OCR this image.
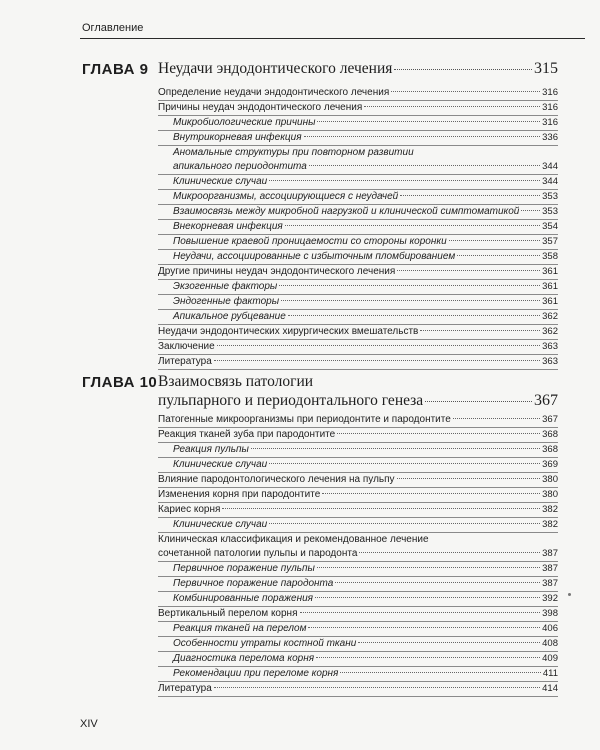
Оглавление
ГЛАВА 9 Неудачи эндодонтического лечения	315
Определение неудачи эндодонтического лечения	316
Причины неудач эндодонтического лечения	316
Микробиологические причины	316
Внутрикорневая инфекция	336
Аномальные структуры при повторном развитии
апикального периодонтита	344
Клинические случаи	344
Микроорганизмы, ассоциирующиеся с неудачей	353
Взаимосвязь между микробной нагрузкой и клинической симптоматикой 353
Внекорневая инфекция	354
Повышение краевой проницаемости со стороны коронки	357
Неудачи, ассоциированные с избыточным пломбированием	358
Другие причины неудач эндодонтического лечения	361
Экзогенные факторы	361
Эндогенные факторы	361
Апикальное рубцевание	362
Неудачи эндодонтических хирургических вмешательств	362
Заключение	363
Литература	363
ГЛАВА 10 Взаимосвязь патологии
пульпарного и периодонтального генеза	367
Патогенные микроорганизмы при периодонтите и пародонтите	367
Реакция тканей зуба при пародонтите	368
Реакция пульпы	368
Клинические случаи	369
Влияние пародонтологического лечения на пульпу	380
Изменения корня при пародонтите	380
Кариес корня	382
Клинические случаи	382
Клиническая классификация и рекомендованное лечение
сочетанной патологии пульпы и пародонта	387
Первичное поражение пульпы	387
Первичное поражение пародонта	387
Комбинированные поражения	392
Вертикальный перелом корня	398
Реакция тканей на перелом	406
Особенности утраты костной ткани	408
Диагностика перелома корня	409
Рекомендации при переломе корня	411
Литература	414
XIV
